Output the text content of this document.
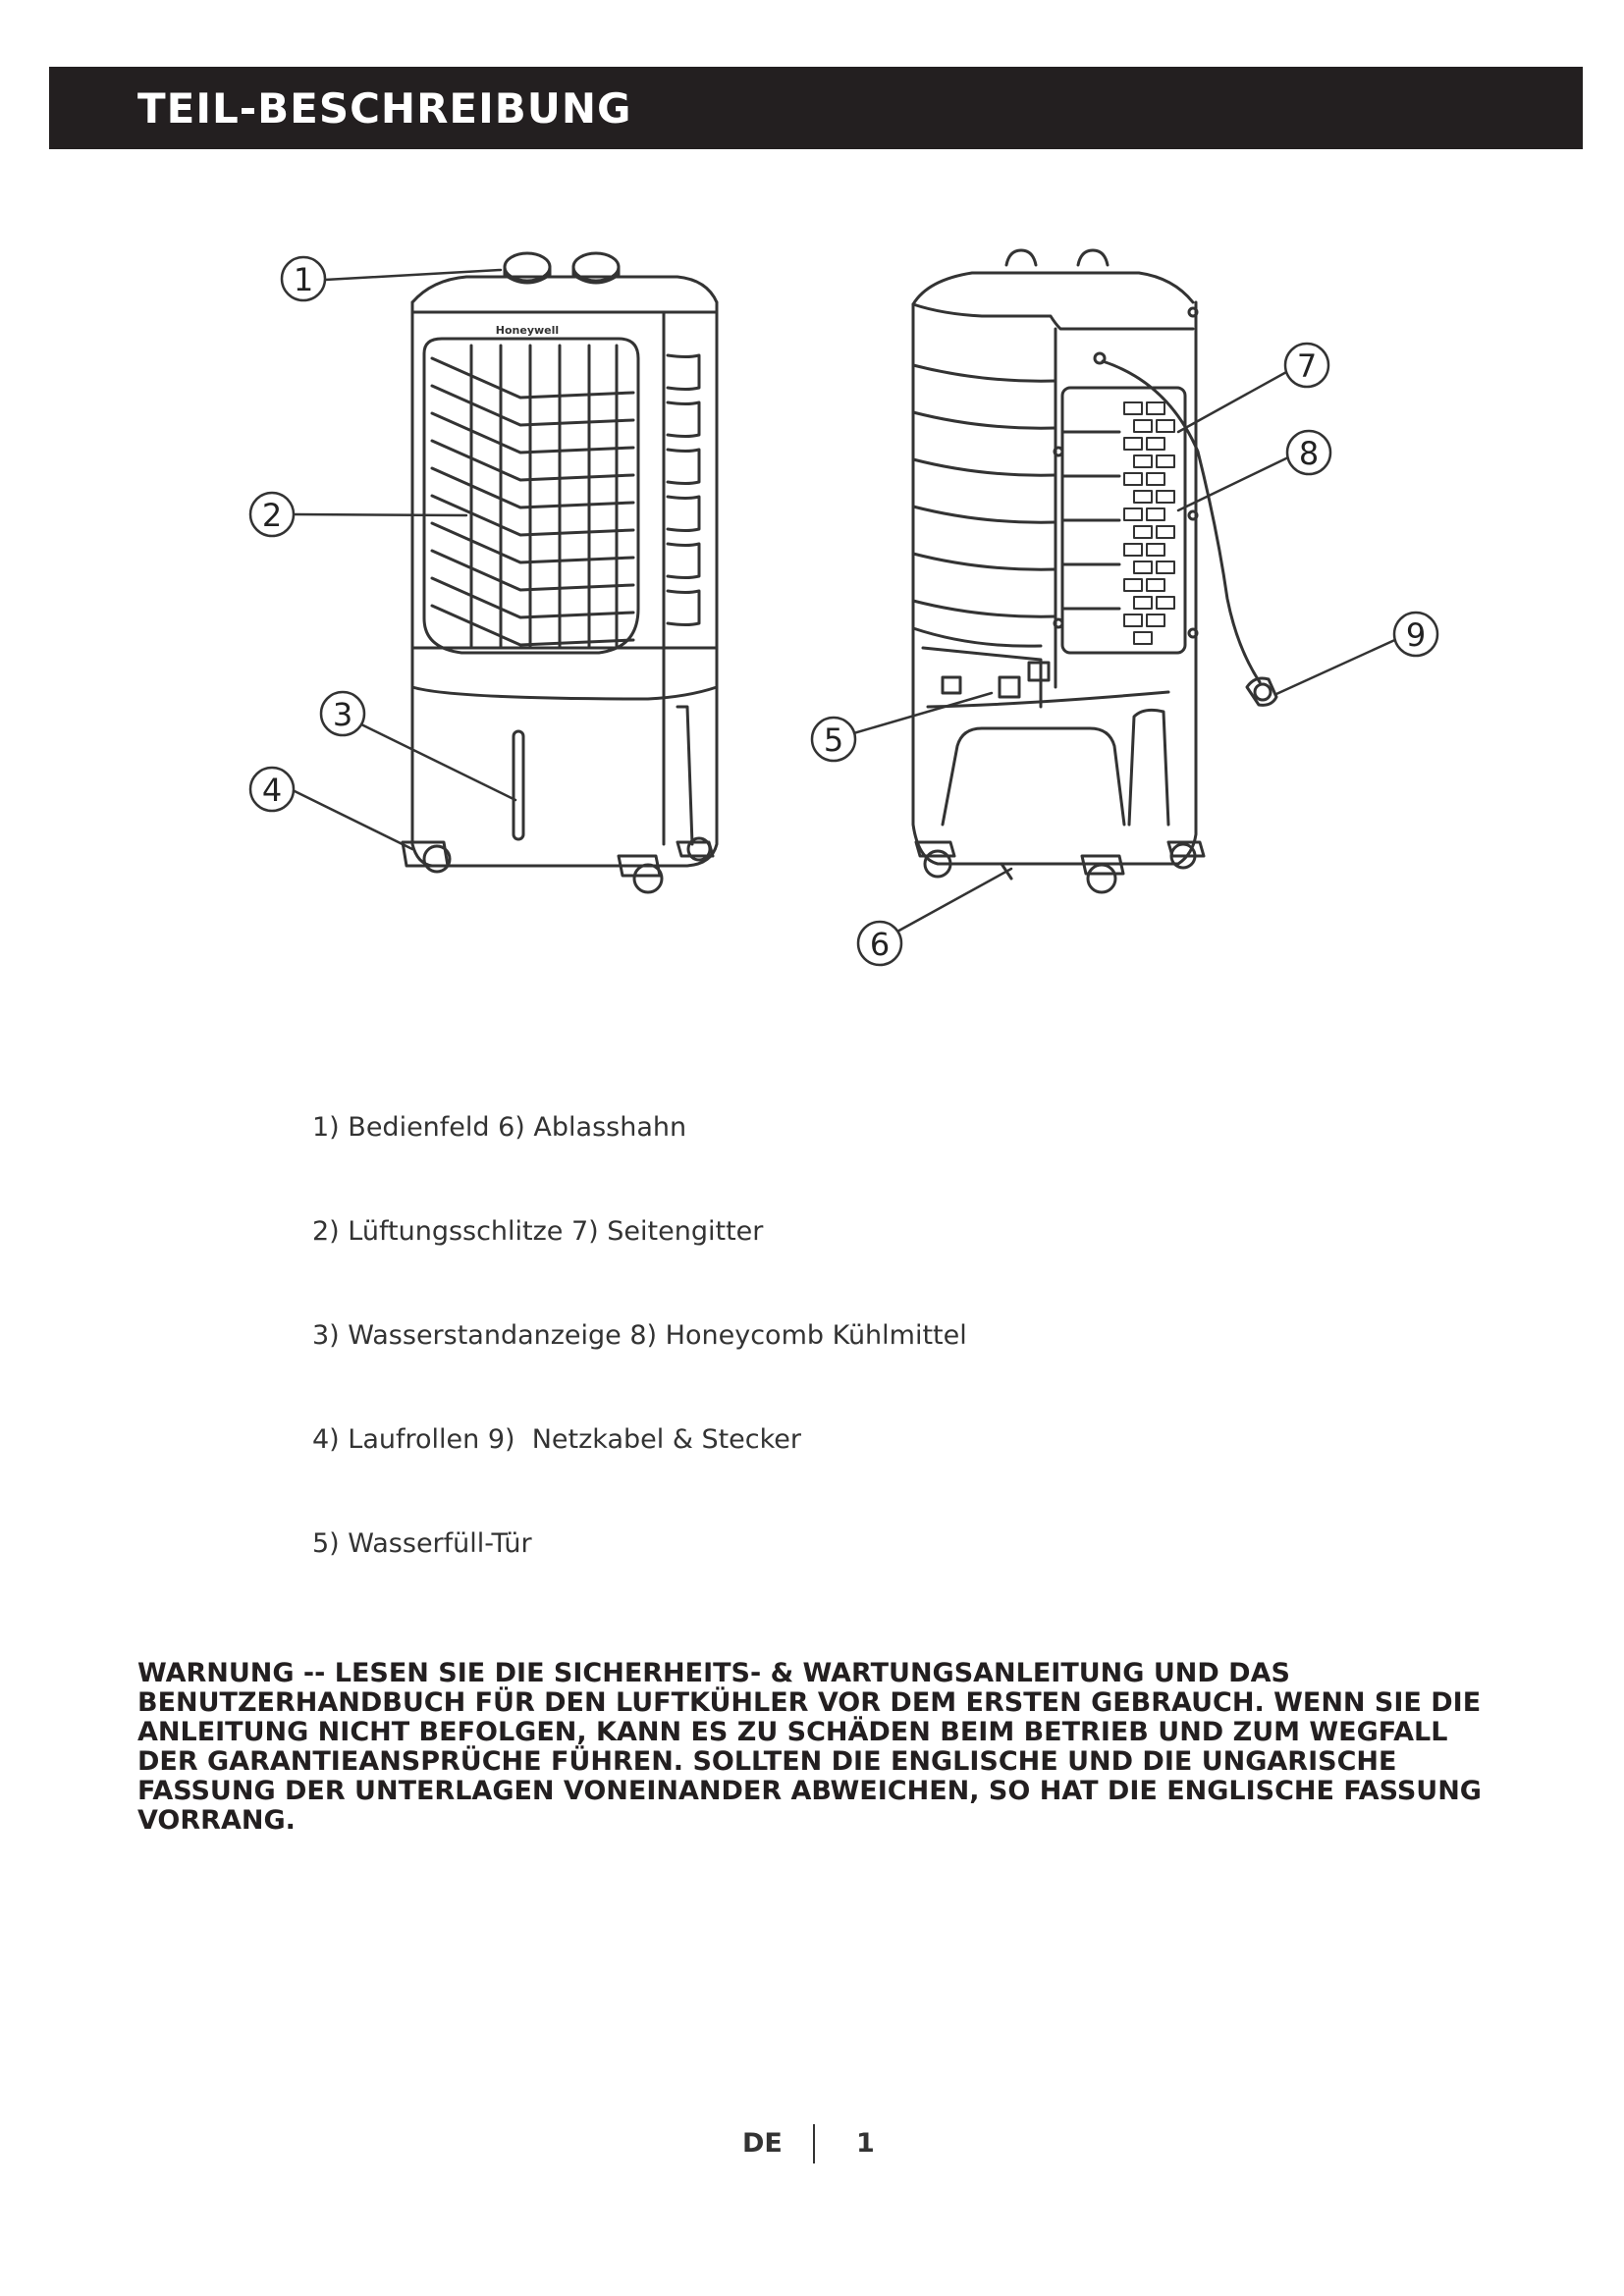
TEIL-BESCHREIBUNG
Honeywell
1
2
3
4
5
6
7
8
9
1) Bedienfeld 6) Ablasshahn
2) Lüftungsschlitze 7) Seitengitter
3) Wasserstandanzeige 8) Honeycomb Kühlmittel
4) Laufrollen 9)  Netzkabel & Stecker
5) Wasserfüll-Tür
WARNUNG -- LESEN SIE DIE SICHERHEITS- & WARTUNGSANLEITUNG UND DAS BENUTZERHANDBUCH FÜR DEN LUFTKÜHLER VOR DEM ERSTEN GEBRAUCH. WENN SIE DIE ANLEITUNG NICHT BEFOLGEN, KANN ES ZU SCHÄDEN BEIM BETRIEB UND ZUM WEGFALL DER GARANTIEANSPRÜCHE FÜHREN. SOLLTEN DIE ENGLISCHE UND DIE UNGARISCHE FASSUNG DER UNTERLAGEN VONEINANDER ABWEICHEN, SO HAT DIE ENGLISCHE FASSUNG VORRANG.
DE	1
